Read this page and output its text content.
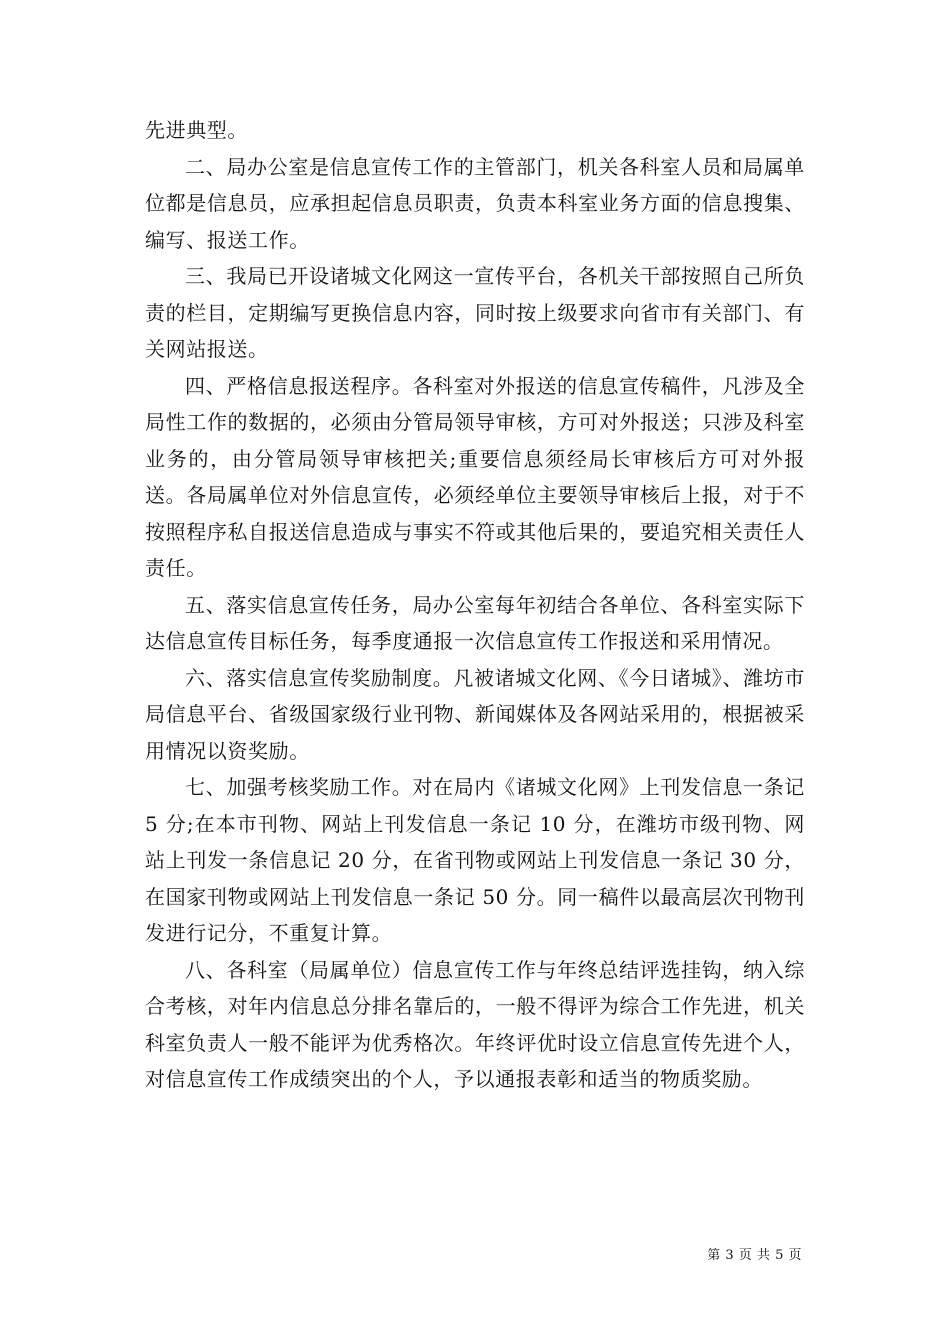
先进典型。

二、局办公室是信息宣传工作的主管部门，机关各科室人员和局属单位都是信息员，应承担起信息员职责，负责本科室业务方面的信息搜集、编写、报送工作。

三、我局已开设诸城文化网这一宣传平台，各机关干部按照自己所负责的栏目，定期编写更换信息内容，同时按上级要求向省市有关部门、有关网站报送。

四、严格信息报送程序。各科室对外报送的信息宣传稿件，凡涉及全局性工作的数据的，必须由分管局领导审核，方可对外报送；只涉及科室业务的，由分管局领导审核把关;重要信息须经局长审核后方可对外报送。各局属单位对外信息宣传，必须经单位主要领导审核后上报，对于不按照程序私自报送信息造成与事实不符或其他后果的，要追究相关责任人责任。

五、落实信息宣传任务，局办公室每年初结合各单位、各科室实际下达信息宣传目标任务，每季度通报一次信息宣传工作报送和采用情况。

六、落实信息宣传奖励制度。凡被诸城文化网、《今日诸城》、潍坊市局信息平台、省级国家级行业刊物、新闻媒体及各网站采用的，根据被采用情况以资奖励。

七、加强考核奖励工作。对在局内《诸城文化网》上刊发信息一条记 5 分;在本市刊物、网站上刊发信息一条记 10 分，在潍坊市级刊物、网站上刊发一条信息记 20 分，在省刊物或网站上刊发信息一条记 30 分，在国家刊物或网站上刊发信息一条记 50 分。同一稿件以最高层次刊物刊发进行记分，不重复计算。

八、各科室（局属单位）信息宣传工作与年终总结评选挂钩，纳入综合考核，对年内信息总分排名靠后的，一般不得评为综合工作先进，机关科室负责人一般不能评为优秀格次。年终评优时设立信息宣传先进个人，对信息宣传工作成绩突出的个人，予以通报表彰和适当的物质奖励。

第 3 页 共 5 页
